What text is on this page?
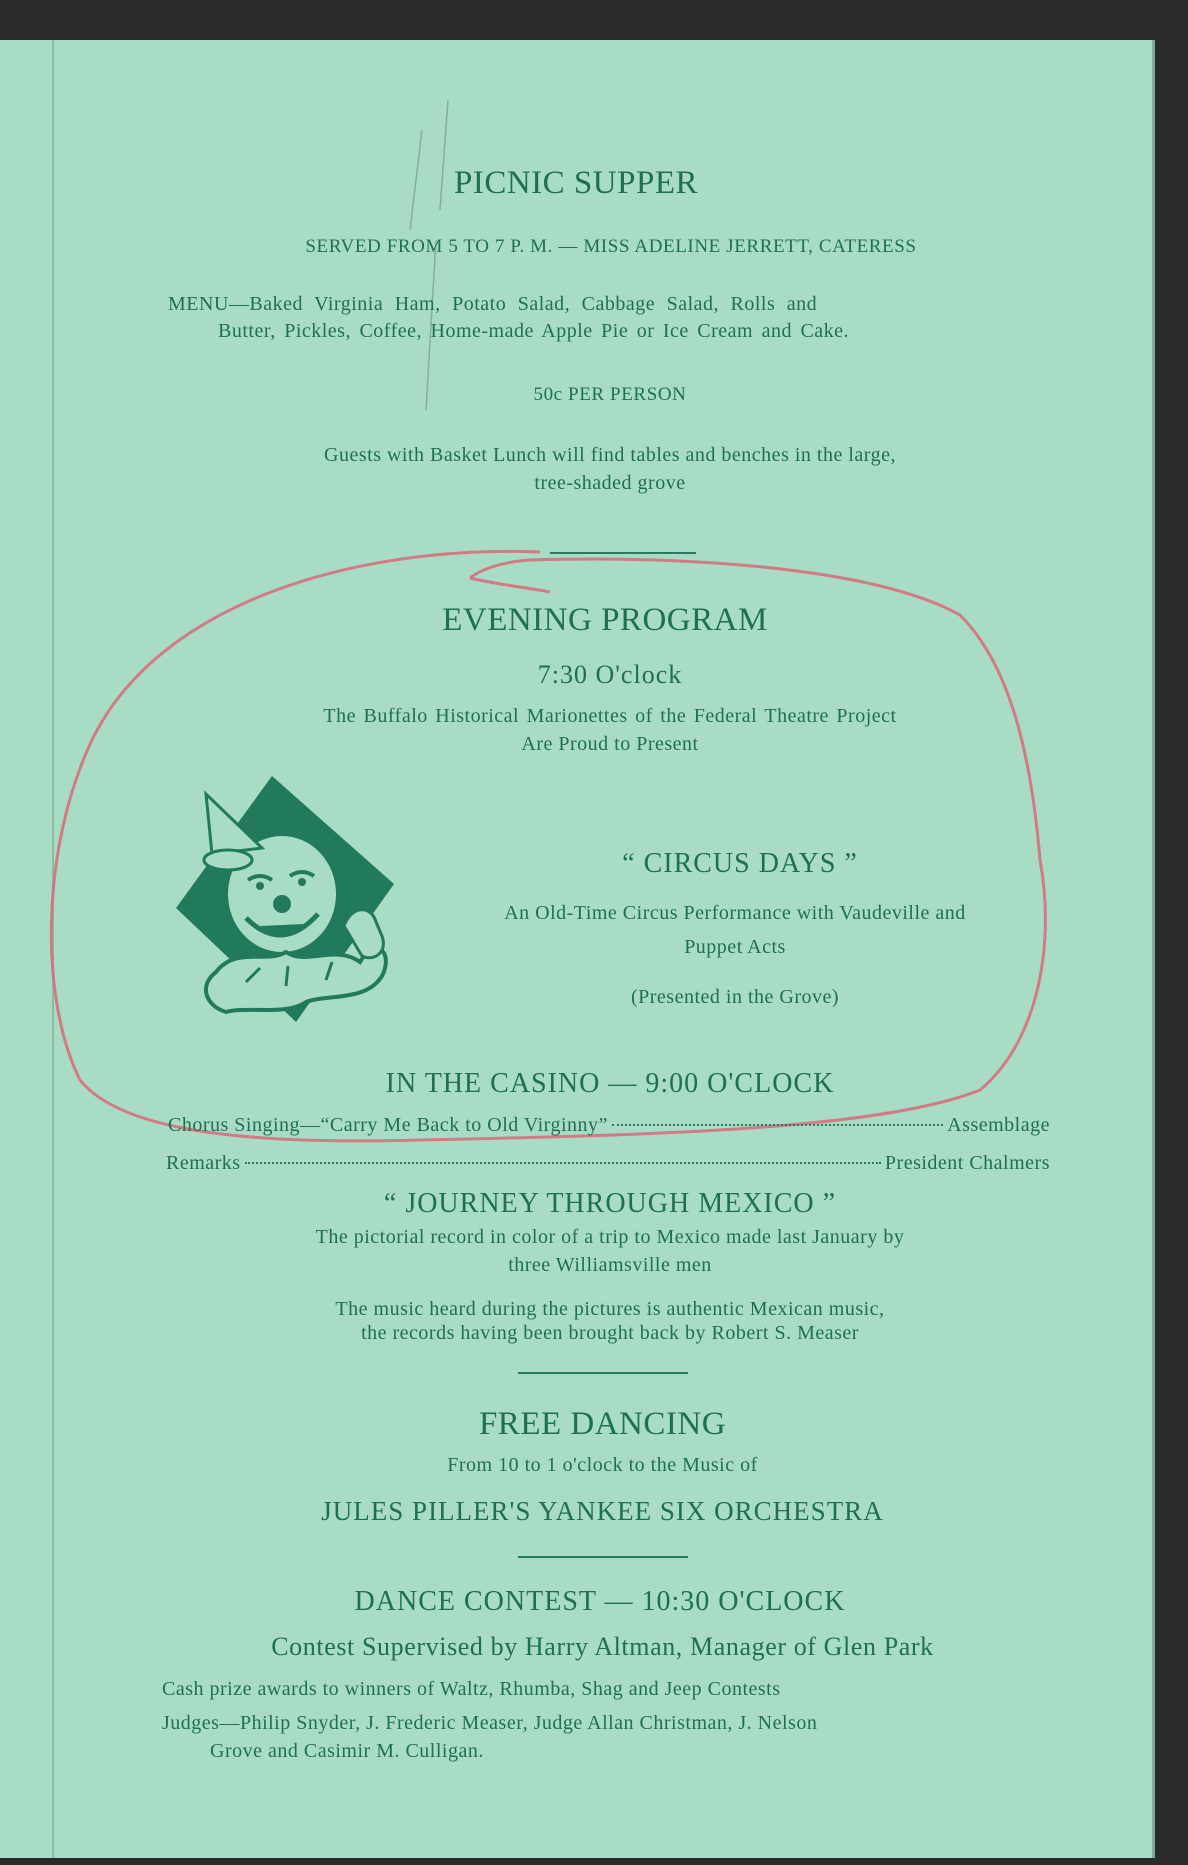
PICNIC SUPPER
SERVED FROM 5 TO 7 P. M. — MISS ADELINE JERRETT, CATERESS
MENU—Baked Virginia Ham, Potato Salad, Cabbage Salad, Rolls and
Butter, Pickles, Coffee, Home-made Apple Pie or Ice Cream and Cake.
50c PER PERSON
Guests with Basket Lunch will find tables and benches in the large,
tree-shaded grove
EVENING PROGRAM
7:30 O'clock
The Buffalo Historical Marionettes of the Federal Theatre Project
Are Proud to Present
“ CIRCUS DAYS ”
An Old-Time Circus Performance with Vaudeville and
Puppet Acts
(Presented in the Grove)
IN THE CASINO — 9:00 O'CLOCK
Chorus Singing—“Carry Me Back to Old Virginny”	Assemblage
Remarks	President Chalmers
“ JOURNEY THROUGH MEXICO ”
The pictorial record in color of a trip to Mexico made last January by
three Williamsville men
The music heard during the pictures is authentic Mexican music,
the records having been brought back by Robert S. Measer
FREE DANCING
From 10 to 1 o'clock to the Music of
JULES PILLER'S YANKEE SIX ORCHESTRA
DANCE CONTEST — 10:30 O'CLOCK
Contest Supervised by Harry Altman, Manager of Glen Park
Cash prize awards to winners of Waltz, Rhumba, Shag and Jeep Contests
Judges—Philip Snyder, J. Frederic Measer, Judge Allan Christman, J. Nelson
Grove and Casimir M. Culligan.
